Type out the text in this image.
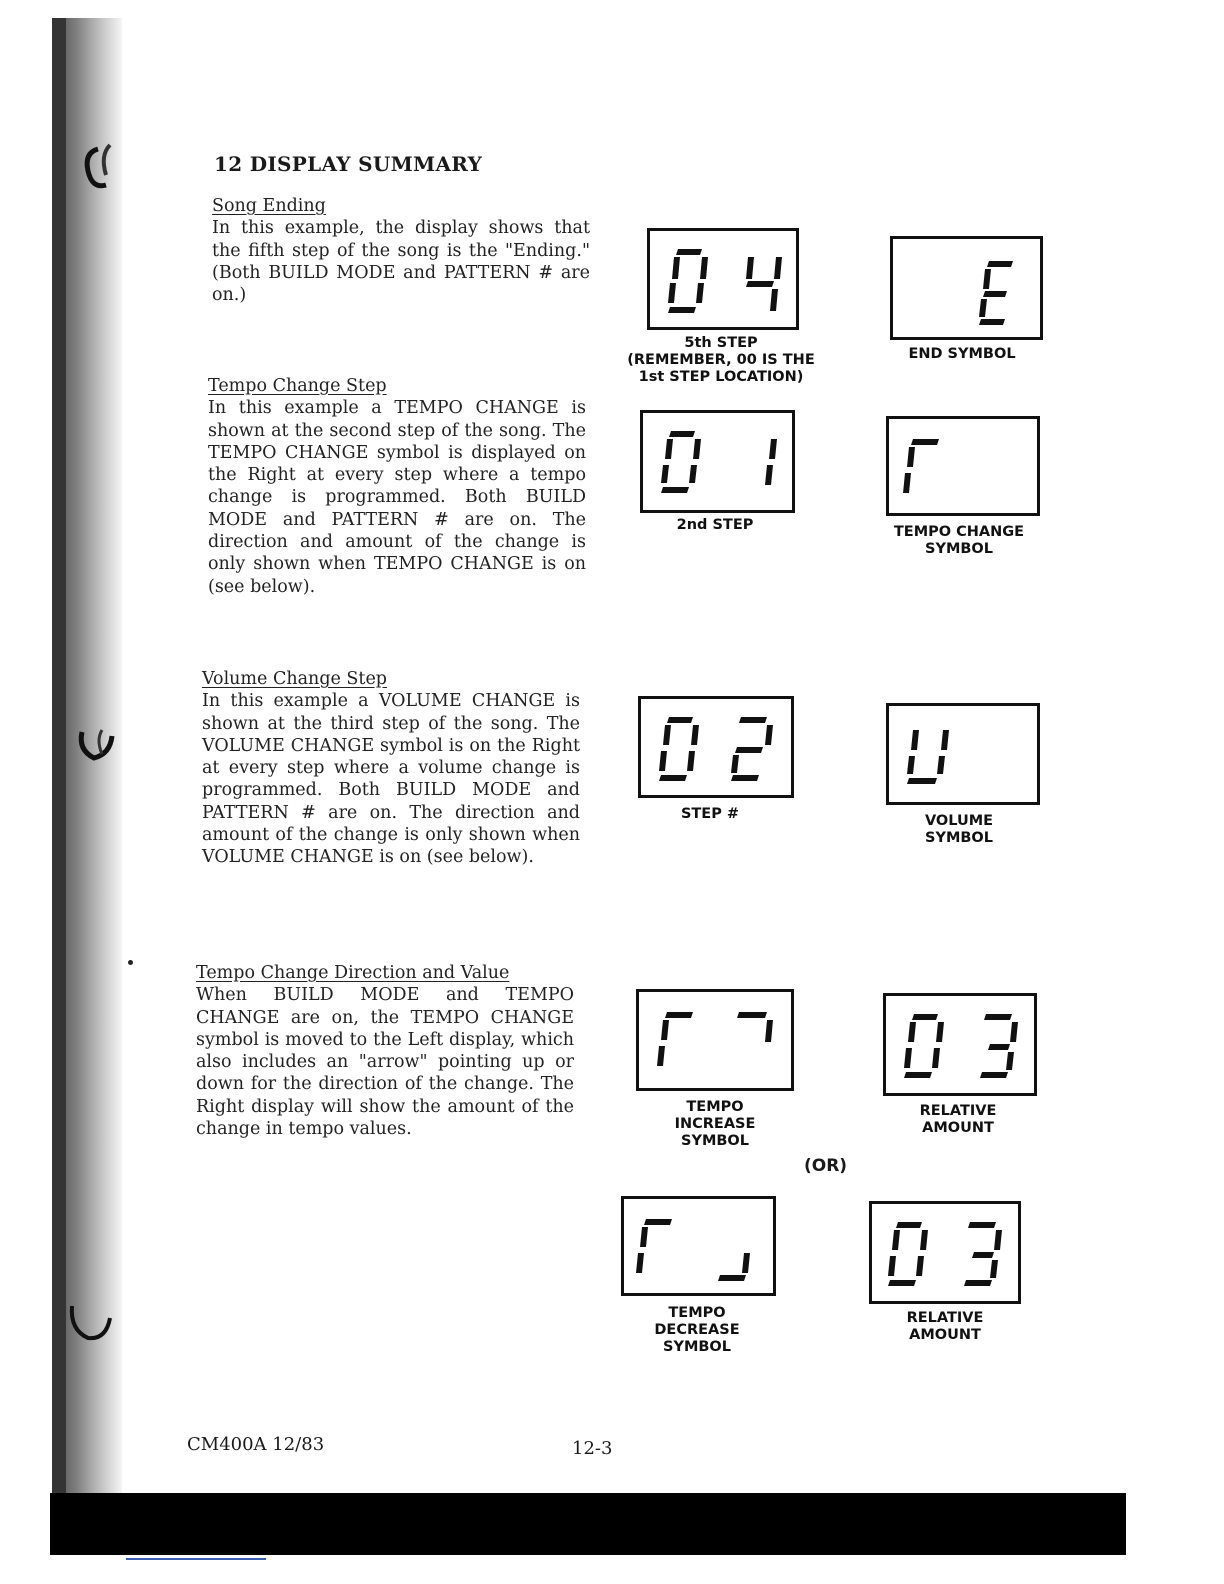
12 DISPLAY SUMMARY
Song Ending
In this example, the display shows that the fifth step of the song is the "Ending." (Both BUILD MODE and PATTERN # are on.)
Tempo Change Step
In this example a TEMPO CHANGE is shown at the second step of the song. The TEMPO CHANGE symbol is displayed on the Right at every step where a tempo change is programmed. Both BUILD MODE and PATTERN # are on. The direction and amount of the change is only shown when TEMPO CHANGE is on (see below).
Volume Change Step
In this example a VOLUME CHANGE is shown at the third step of the song. The VOLUME CHANGE symbol is on the Right at every step where a volume change is programmed. Both BUILD MODE and PATTERN # are on. The direction and amount of the change is only shown when VOLUME CHANGE is on (see below).
Tempo Change Direction and Value
When BUILD MODE and TEMPO CHANGE are on, the TEMPO CHANGE symbol is moved to the Left display, which also includes an "arrow" pointing up or down for the direction of the change. The Right display will show the amount of the change in tempo values.
5th STEP
(REMEMBER, 00 IS THE
1st STEP LOCATION)
END SYMBOL
2nd STEP	TEMPO CHANGE
SYMBOL
STEP #	VOLUME
SYMBOL
TEMPO
INCREASE
SYMBOL
RELATIVE
AMOUNT
(OR)
TEMPO
DECREASE
SYMBOL
RELATIVE
AMOUNT
CM400A 12/83	12-3
